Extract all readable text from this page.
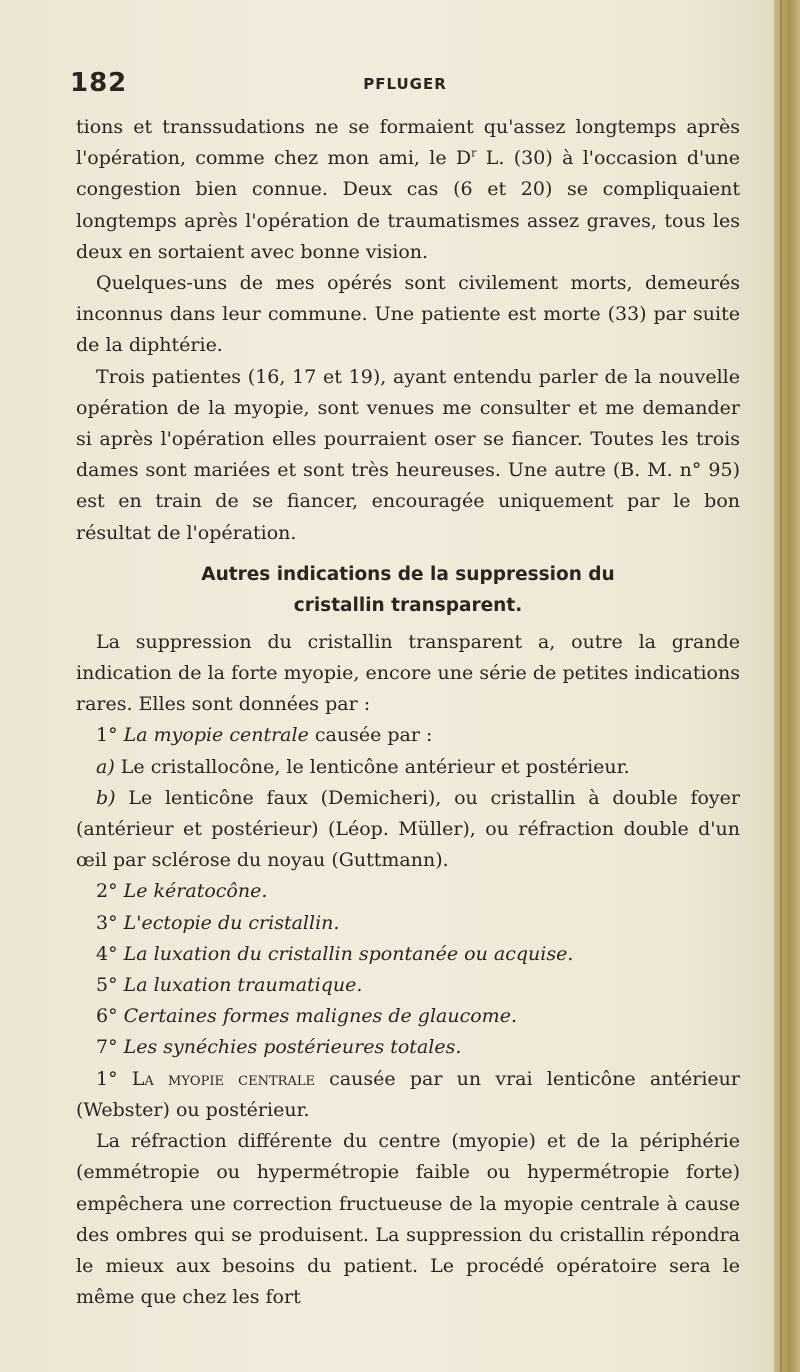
182	PFLUGER

tions et transsudations ne se formaient qu'assez longtemps après l'opération, comme chez mon ami, le $D^r$ L. (30) à l'occasion d'une congestion bien connue. Deux cas (6 et 20) se compliquaient longtemps après l'opération de traumatismes assez graves, tous les deux en sortaient avec bonne vision.

Quelques-uns de mes opérés sont civilement morts, demeurés inconnus dans leur commune. Une patiente est morte (33) par suite de la diphtérie.

Trois patientes (16, 17 et 19), ayant entendu parler de la nouvelle opération de la myopie, sont venues me consulter et me demander si après l'opération elles pourraient oser se fiancer. Toutes les trois dames sont mariées et sont très heureuses. Une autre (B. M. n° 95) est en train de se fiancer, encouragée uniquement par le bon résultat de l'opération.

Autres indications de la suppression du
cristallin transparent.

La suppression du cristallin transparent a, outre la grande indication de la forte myopie, encore une série de petites indications rares. Elles sont données par :

1° La myopie centrale causée par :

a) Le cristallocône, le lenticône antérieur et postérieur.

b) Le lenticône faux (Demicheri), ou cristallin à double foyer (antérieur et postérieur) (Léop. Müller), ou réfraction double d'un œil par sclérose du noyau (Guttmann).

2° Le kératocône.

3° L'ectopie du cristallin.

4° La luxation du cristallin spontanée ou acquise.

5° La luxation traumatique.

6° Certaines formes malignes de glaucome.

7° Les synéchies postérieures totales.

1° La myopie centrale causée par un vrai lenticône antérieur (Webster) ou postérieur.

La réfraction différente du centre (myopie) et de la périphérie (emmétropie ou hypermétropie faible ou hypermétropie forte) empêchera une correction fructueuse de la myopie centrale à cause des ombres qui se produisent. La suppression du cristallin répondra le mieux aux besoins du patient. Le procédé opératoire sera le même que chez les fort
